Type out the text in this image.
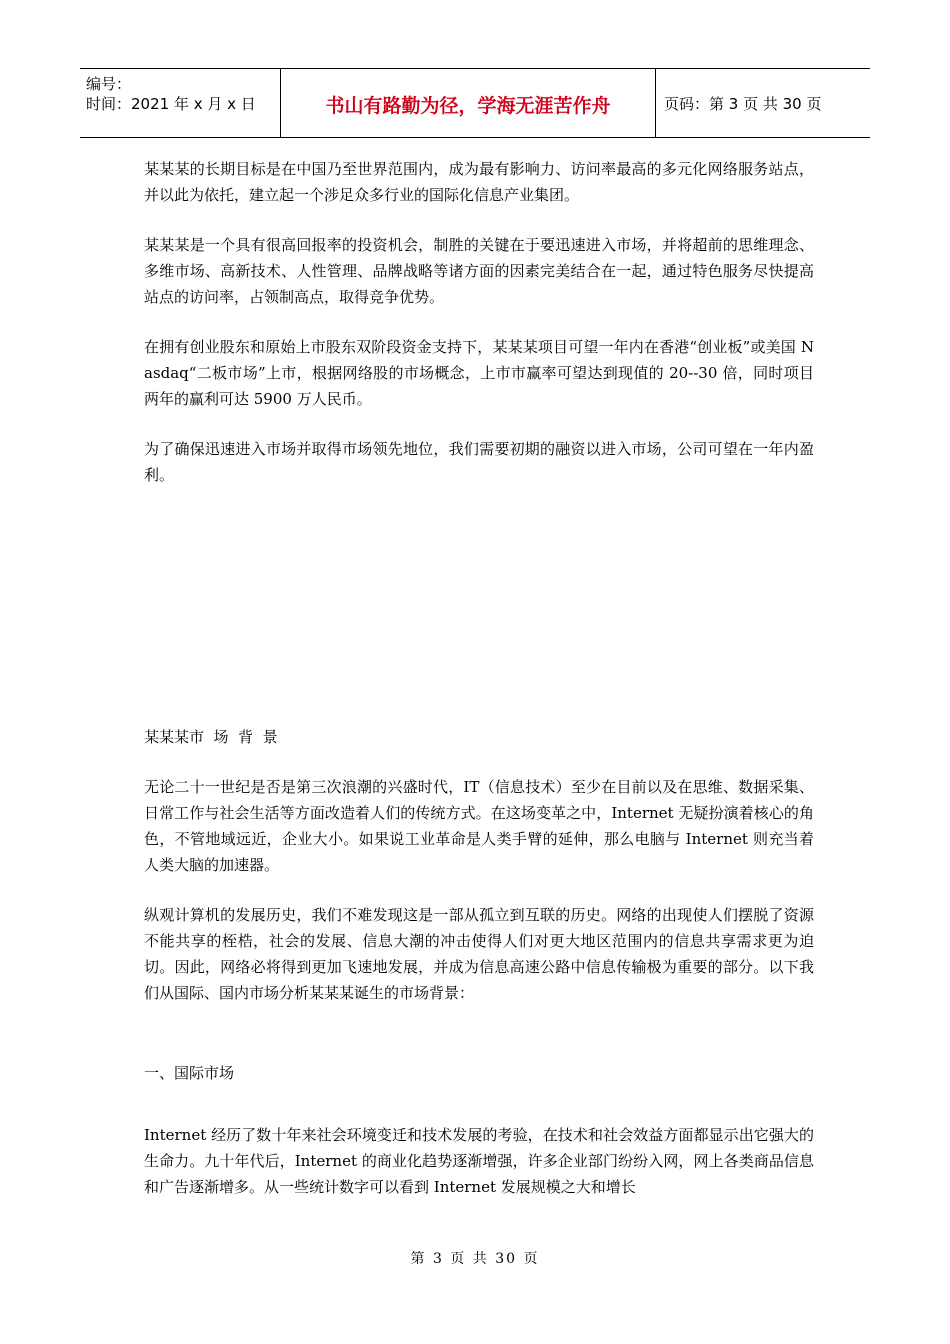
编号：
时间：2021 年 x 月 x 日	书山有路勤为径，学海无涯苦作舟	页码：第 3 页 共 30 页

某某某的长期目标是在中国乃至世界范围内，成为最有影响力、访问率最高的多元化网络服务站点，并以此为依托，建立起一个涉足众多行业的国际化信息产业集团。

某某某是一个具有很高回报率的投资机会，制胜的关键在于要迅速进入市场，并将超前的思维理念、多维市场、高新技术、人性管理、品牌战略等诸方面的因素完美结合在一起，通过特色服务尽快提高站点的访问率，占领制高点，取得竞争优势。

在拥有创业股东和原始上市股东双阶段资金支持下，某某某项目可望一年内在香港“创业板”或美国 Nasdaq“二板市场”上市，根据网络股的市场概念，上市市赢率可望达到现值的 20--30 倍，同时项目两年的赢利可达 5900 万人民币。

为了确保迅速进入市场并取得市场领先地位，我们需要初期的融资以进入市场，公司可望在一年内盈利。

某某某市  场  背  景

无论二十一世纪是否是第三次浪潮的兴盛时代，IT（信息技术）至少在目前以及在思维、数据采集、日常工作与社会生活等方面改造着人们的传统方式。在这场变革之中，Internet 无疑扮演着核心的角色，不管地域远近，企业大小。如果说工业革命是人类手臂的延伸，那么电脑与 Internet 则充当着人类大脑的加速器。

纵观计算机的发展历史，我们不难发现这是一部从孤立到互联的历史。网络的出现使人们摆脱了资源不能共享的桎梏，社会的发展、信息大潮的冲击使得人们对更大地区范围内的信息共享需求更为迫切。因此，网络必将得到更加飞速地发展，并成为信息高速公路中信息传输极为重要的部分。以下我们从国际、国内市场分析某某某诞生的市场背景：

一、国际市场

Internet 经历了数十年来社会环境变迁和技术发展的考验，在技术和社会效益方面都显示出它强大的生命力。九十年代后，Internet 的商业化趋势逐渐增强，许多企业部门纷纷入网，网上各类商品信息和广告逐渐增多。从一些统计数字可以看到 Internet 发展规模之大和增长

第 3 页 共 30 页
